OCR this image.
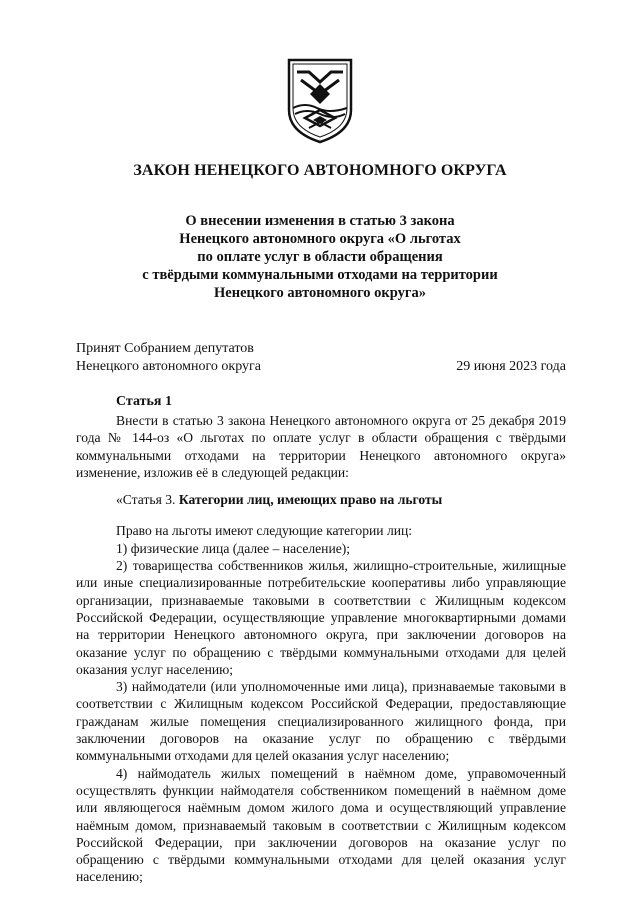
ЗАКОН НЕНЕЦКОГО АВТОНОМНОГО ОКРУГА
О внесении изменения в статью 3 закона
Ненецкого автономного округа «О льготах
по оплате услуг в области обращения
с твёрдыми коммунальными отходами на территории
Ненецкого автономного округа»
Принят Собранием депутатов
Ненецкого автономного округа	29 июня 2023 года
Статья 1

Внести в статью 3 закона Ненецкого автономного округа от 25 декабря 2019 года № 144-оз «О льготах по оплате услуг в области обращения с твёрдыми коммунальными отходами на территории Ненецкого автономного округа» изменение, изложив её в следующей редакции:

«Статья 3. Категории лиц, имеющих право на льготы

Право на льготы имеют следующие категории лиц:

1) физические лица (далее – население);

2) товарищества собственников жилья, жилищно-строительные, жилищные или иные специализированные потребительские кооперативы либо управляющие организации, признаваемые таковыми в соответствии с Жилищным кодексом Российской Федерации, осуществляющие управление многоквартирными домами на территории Ненецкого автономного округа, при заключении договоров на оказание услуг по обращению с твёрдыми коммунальными отходами для целей оказания услуг населению;

3) наймодатели (или уполномоченные ими лица), признаваемые таковыми в соответствии с Жилищным кодексом Российской Федерации, предоставляющие гражданам жилые помещения специализированного жилищного фонда, при заключении договоров на оказание услуг по обращению с твёрдыми коммунальными отходами для целей оказания услуг населению;

4) наймодатель жилых помещений в наёмном доме, управомоченный осуществлять функции наймодателя собственником помещений в наёмном доме или являющегося наёмным домом жилого дома и осуществляющий управление наёмным домом, признаваемый таковым в соответствии с Жилищным кодексом Российской Федерации, при заключении договоров на оказание услуг по обращению с твёрдыми коммунальными отходами для целей оказания услуг населению;
